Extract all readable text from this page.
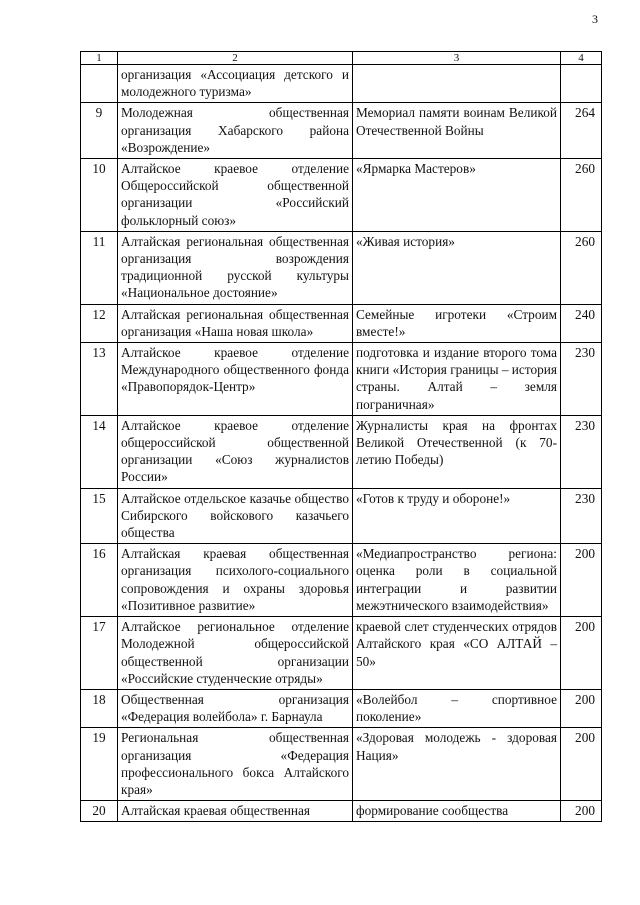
3
1	2	3	4
	организация «Ассоциация детского и молодежного туризма»		
9	Молодежная общественная организация Хабарского района «Возрождение»	Мемориал памяти воинам Великой Отечественной Войны	264
10	Алтайское краевое отделение Общероссийской общественной организации «Российский фольклорный союз»	«Ярмарка Мастеров»	260
11	Алтайская региональная общественная организация возрождения традиционной русской культуры «Национальное достояние»	«Живая история»	260
12	Алтайская региональная общественная организация «Наша новая школа»	Семейные игротеки «Строим вместе!»	240
13	Алтайское краевое отделение Международного общественного фонда «Правопорядок-Центр»	подготовка и издание второго тома книги «История границы – история страны. Алтай – земля пограничная»	230
14	Алтайское краевое отделение общероссийской общественной организации «Союз журналистов России»	Журналисты края на фронтах Великой Отечественной (к 70-летию Победы)	230
15	Алтайское отдельское казачье общество Сибирского войскового казачьего общества	«Готов к труду и обороне!»	230
16	Алтайская краевая общественная организация психолого-социального сопровождения и охраны здоровья «Позитивное развитие»	«Медиапространство региона: оценка роли в социальной интеграции и развитии межэтнического взаимодействия»	200
17	Алтайское региональное отделение Молодежной общероссийской общественной организации «Российские студенческие отряды»	краевой слет студенческих отрядов Алтайского края «СО АЛТАЙ – 50»	200
18	Общественная организация «Федерация волейбола» г. Барнаула	«Волейбол – спортивное поколение»	200
19	Региональная общественная организация «Федерация профессионального бокса Алтайского края»	«Здоровая молодежь - здоровая Нация»	200
20	Алтайская краевая общественная	формирование сообщества	200
